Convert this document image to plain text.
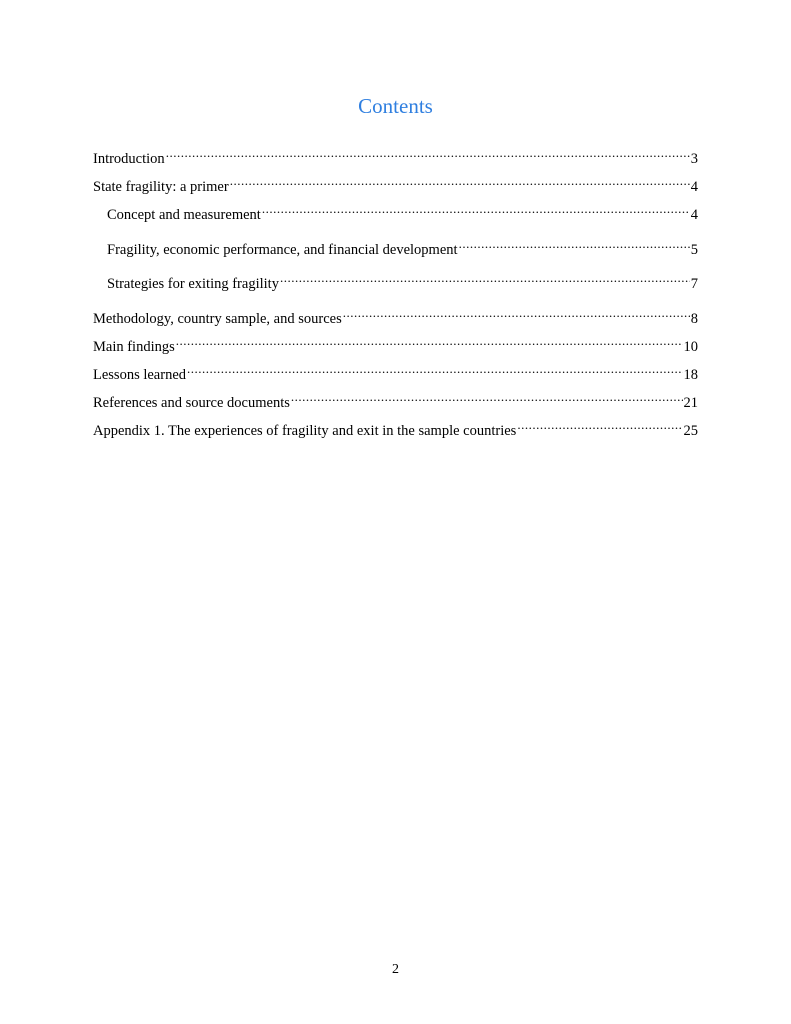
Contents
Introduction .....	3
State fragility: a primer .....	4
Concept and measurement .....	4
Fragility, economic performance, and financial development .....	5
Strategies for exiting fragility .....	7
Methodology, country sample, and sources .....	8
Main findings .....	10
Lessons learned .....	18
References and source documents .....	21
Appendix 1. The experiences of fragility and exit in the sample countries .....	25
2
